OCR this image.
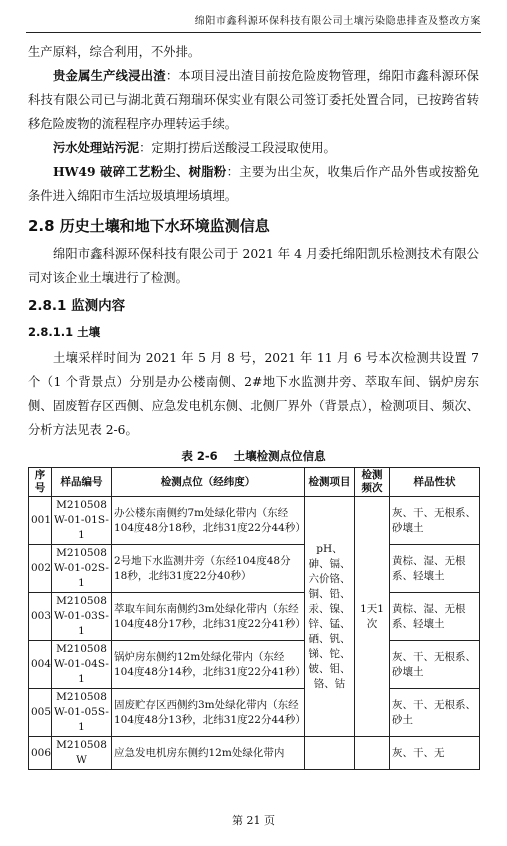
绵阳市鑫科源环保科技有限公司土壤污染隐患排查及整改方案

生产原料，综合利用，不外排。

贵金属生产线浸出渣：本项目浸出渣目前按危险废物管理，绵阳市鑫科源环保科技有限公司已与湖北黄石翔瑞环保实业有限公司签订委托处置合同，已按跨省转移危险废物的流程程序办理转运手续。

污水处理站污泥：定期打捞后送酸浸工段浸取使用。

HW49 破碎工艺粉尘、树脂粉：主要为出尘灰，收集后作产品外售或按豁免条件进入绵阳市生活垃圾填埋场填埋。

2.8 历史土壤和地下水环境监测信息

绵阳市鑫科源环保科技有限公司于 2021 年 4 月委托绵阳凯乐检测技术有限公司对该企业土壤进行了检测。

2.8.1 监测内容
2.8.1.1 土壤

土壤采样时间为 2021 年 5 月 8 号，2021 年 11 月 6 号本次检测共设置 7 个（1 个背景点）分别是办公楼南侧、2#地下水监测井旁、萃取车间、锅炉房东侧、固废暂存区西侧、应急发电机东侧、北侧厂界外（背景点），检测项目、频次、分析方法见表 2-6。

表 2-6 土壤检测点位信息
序号	样品编号	检测点位（经纬度）	检测项目	检测频次	样品性状
001	M210508W-01-01S-1	办公楼东南侧约7m处绿化带内（东经104度48分18秒，北纬31度22分44秒）	pH、砷、镉、六价铬、铜、铅、汞、镍、锌、锰、硒、钒、锑、铊、铍、钼、铬、钴	1天1次	灰、干、无根系、砂壤土
002	M210508W-01-02S-1	2号地下水监测井旁（东经104度48分18秒，北纬31度22分40秒）			黄棕、湿、无根系、轻壤土
003	M210508W-01-03S-1	萃取车间东南侧约3m处绿化带内（东经104度48分17秒，北纬31度22分41秒）			黄棕、湿、无根系、轻壤土
004	M210508W-01-04S-1	锅炉房东侧约12m处绿化带内（东经104度48分14秒，北纬31度22分41秒）			灰、干、无根系、砂壤土
005	M210508W-01-05S-1	固废贮存区西侧约3m处绿化带内（东经104度48分13秒，北纬31度22分44秒）			灰、干、无根系、砂土
006	M210508W	应急发电机房东侧约12m处绿化带内			灰、干、无
第 21 页
